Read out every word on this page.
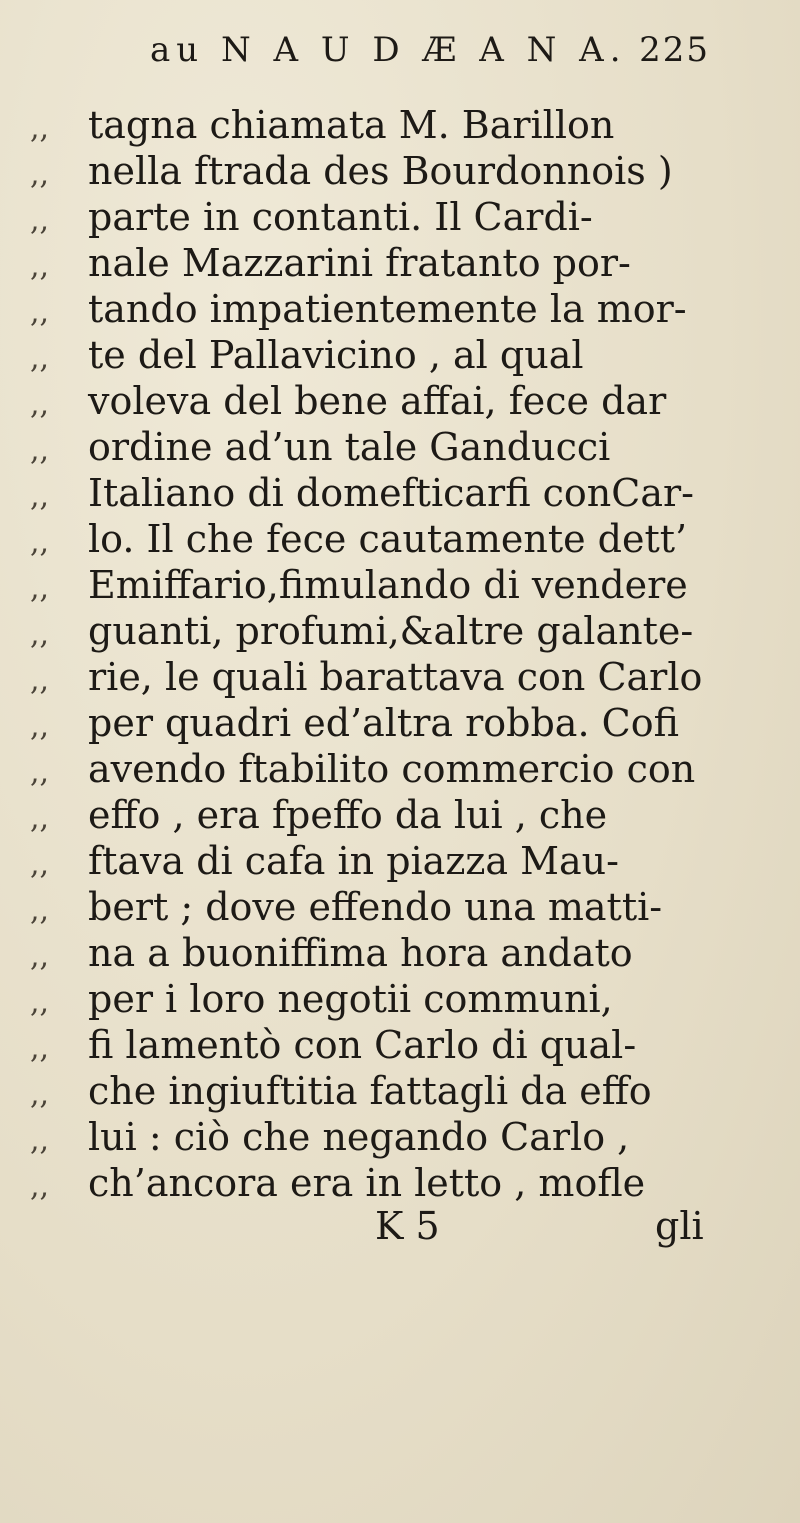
au N A U D Æ A N A. 225
,, tagna chiamata M. Barillon
,, nella ftrada des Bourdonnois )
,, parte in contanti. Il Cardi-
,, nale Mazzarini fratanto por-
,, tando impatientemente la mor-
,, te del Pallavicino , al qual
,, voleva del bene affai, fece dar
,, ordine ad’un tale Ganducci
,, Italiano di domefticarfi conCar-
,, lo. Il che fece cautamente dett’
,, Emiffario,fimulando di vendere
,, guanti, profumi,&altre galante-
,, rie, le quali barattava con Carlo
,, per quadri ed’altra robba. Cofi
,, avendo ftabilito commercio con
,, effo , era fpeffo da lui , che
,, ftava di cafa in piazza Mau-
,, bert ; dove effendo una matti-
,, na a buoniffima hora andato
,, per i loro negotii communi,
,, fi lamentò con Carlo di qual-
,, che ingiuftitia fattagli da effo
,, lui : ciò che negando Carlo ,
,, ch’ancora era in letto , mofle
K 5	gli
